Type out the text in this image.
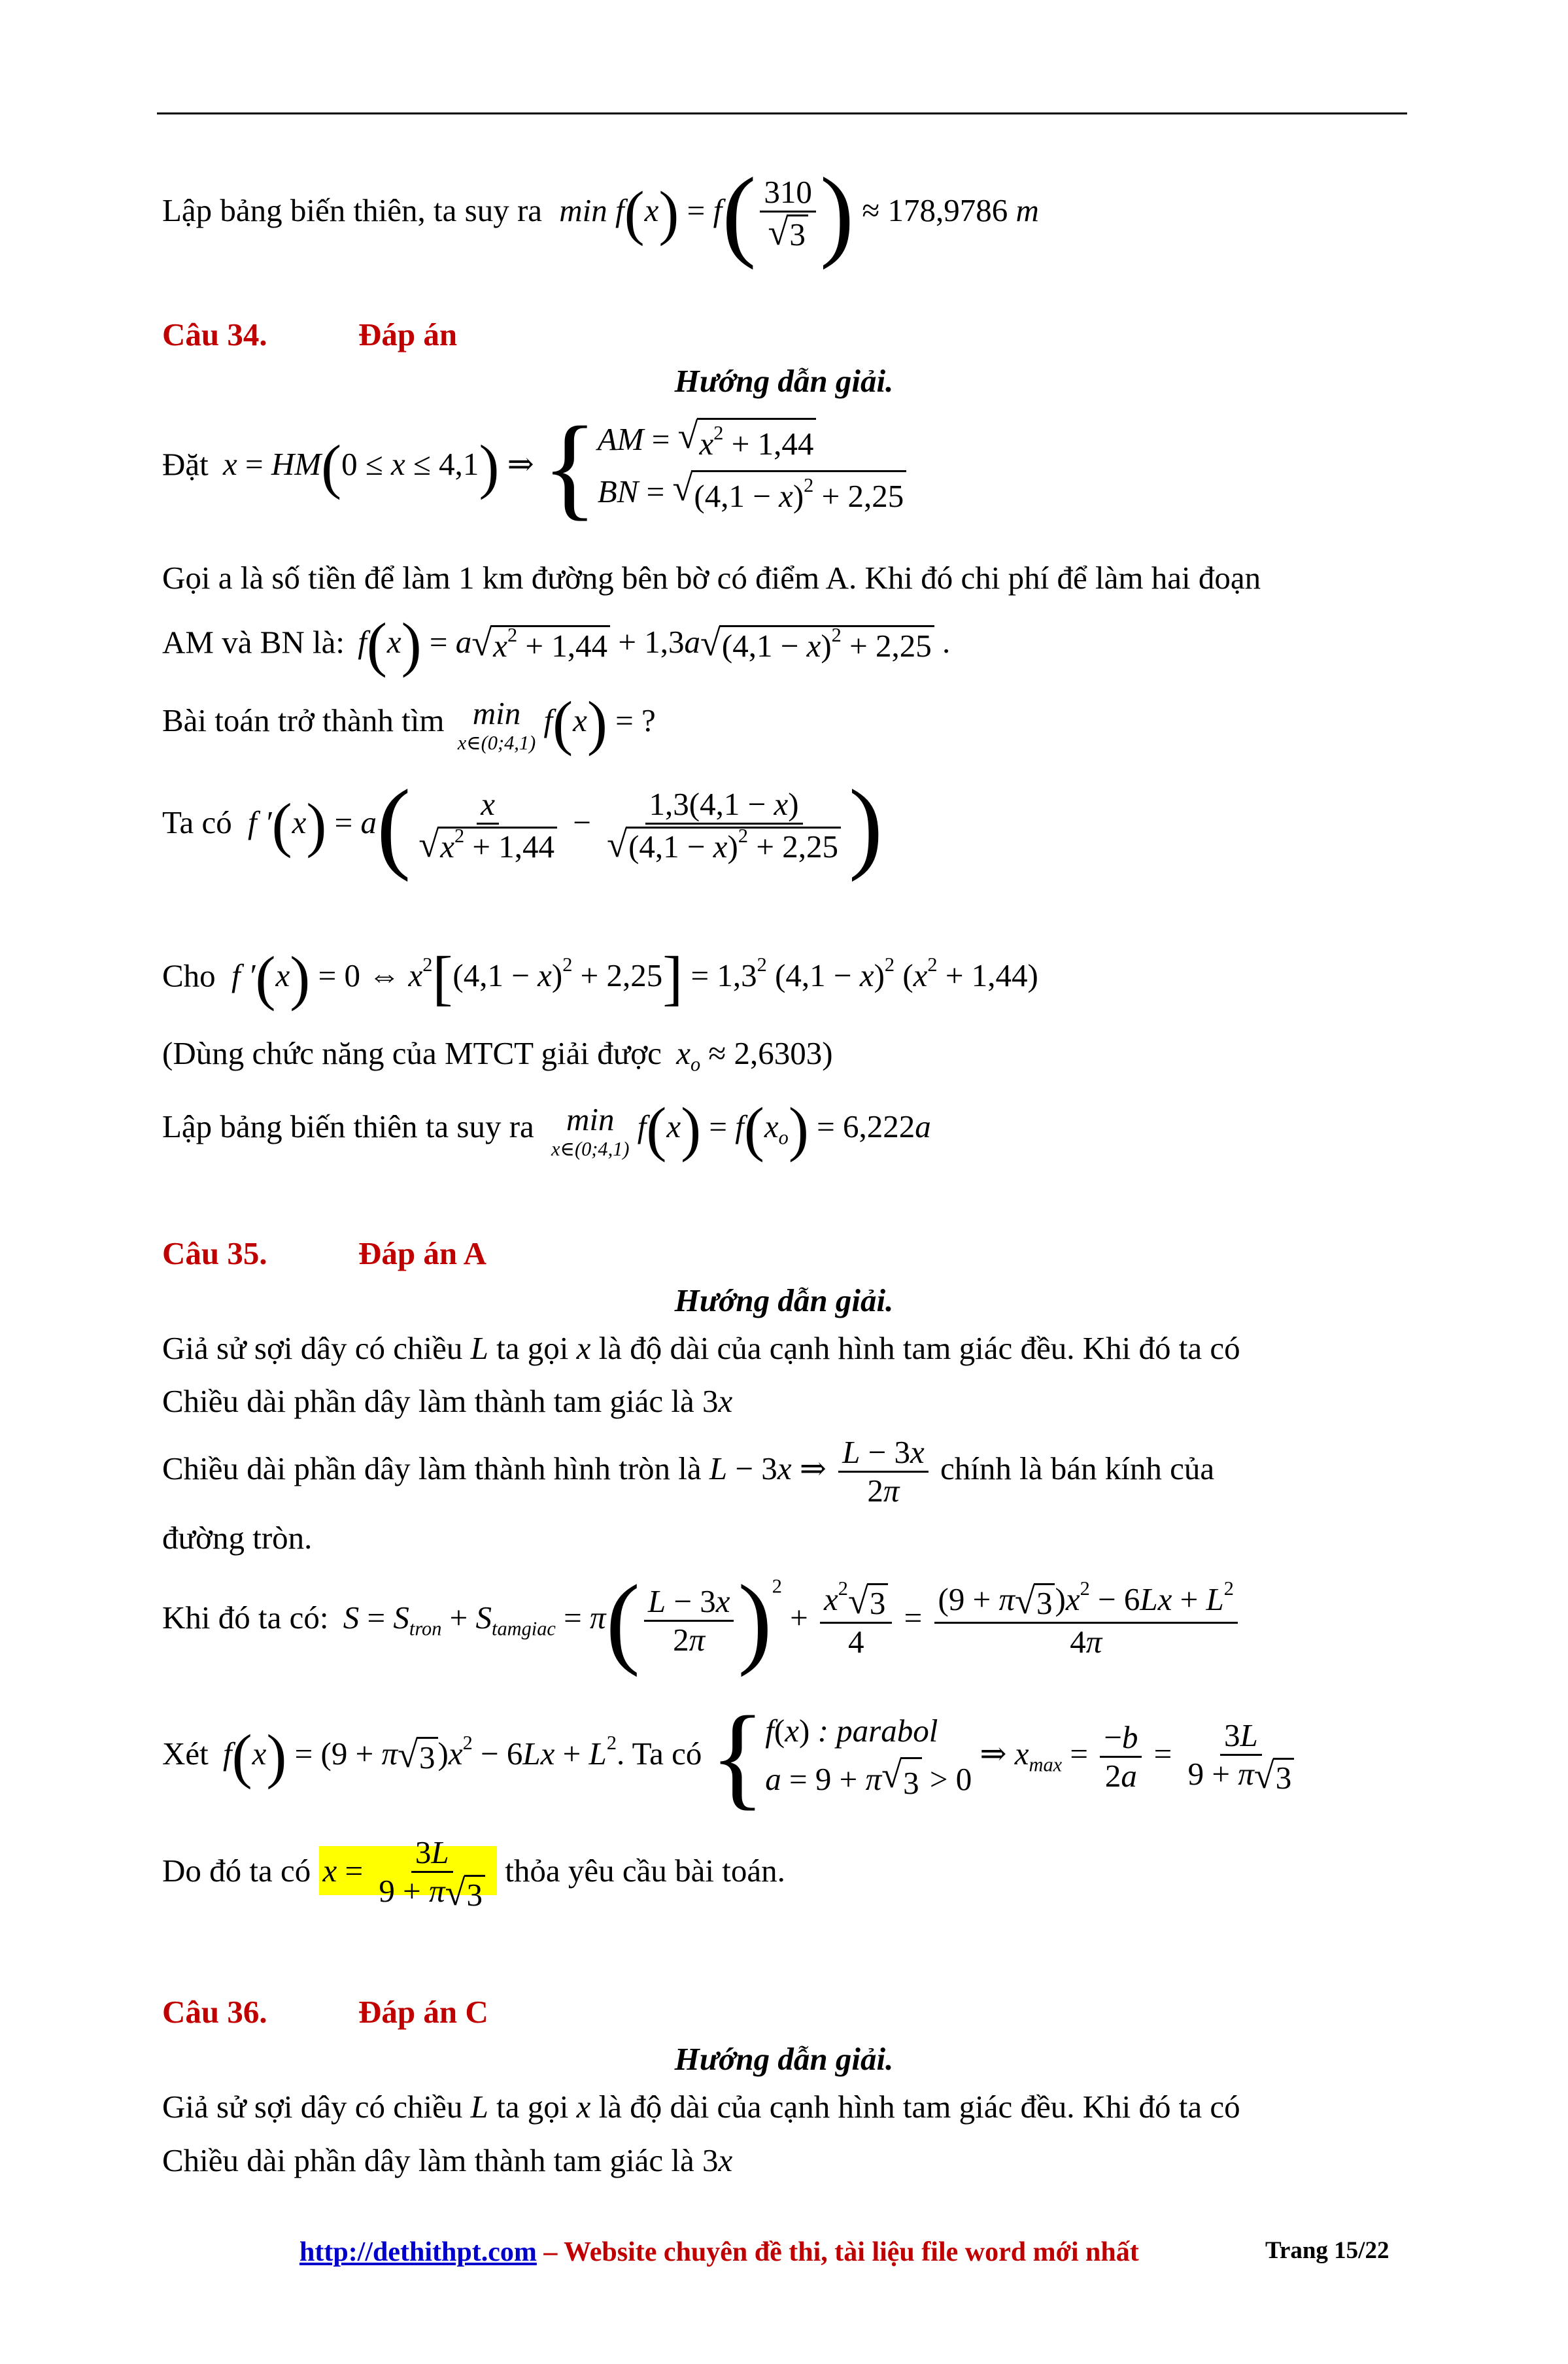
Lập bảng biến thiên, ta suy ra $\min f(x) = f( \frac{310}{√ 3}$ ) ≈ 178,9786 m
Câu 34.	Đáp án
Hướng dẫn giải.
Đặt x = HM(0 ≤ x ≤ 4,1) ⇒ { AM = √ $x^2 + 1,44$
BN = √ $(4,1 - x)^2 + 2,25$
Gọi a là số tiền để làm 1 km đường bên bờ có điểm A. Khi đó chi phí để làm hai đoạn
AM và BN là: f(x) = a √ $x^2 + 1,44 + 1,3a$ √ $(4,1 - x)^2 + 2,25$ .
Bài toán trở thành tìm min
x∈(0;4,1)
f(x) = ?
Ta có f $'(x) = a( \frac{x}{√ x^2 + 1,44} - \frac{1,3(4,1 - x)}{√ (4,1 - x)^2 + 2,25}$ )
Cho f ′(x) = 0 ⇔ $x^2[(4,1 - x)^2 + 2,25] = 1,3^2$ $(4,1 - x)^2$ $(x^2 + 1,44)$
(Dùng chức năng của MTCT giải được $x_o \approx 2,6303$)
Lập bảng biến thiên ta suy ra min
x∈(0;4,1)
$f(x) = f(x_o) = 6,222a$
Câu 35.	Đáp án A
Hướng dẫn giải.
Giả sử sợi dây có chiều L ta gọi x là độ dài của cạnh hình tam giác đều. Khi đó ta có
Chiều dài phần dây làm thành tam giác là 3x
Chiều dài phần dây làm thành hình tròn là L − 3x ⇒ $\frac{L - 3x}{2\pi}$ chính là bán kính của
đường tròn.
Khi đó ta có: $S = S_{tron} + S_{tamgiac} = \pi( \frac{L - 3x}{2\pi} )^2 + \frac{x^2 √ 3}{4} = \frac{(9 + \pi √ 3 )x^2 - 6Lx + L^2}{4\pi}$
Xét f(x) = (9 + π √ 3 )$x^2 - 6Lx + L^2$. Ta có { f(x) : parabol
a = 9 + π √ 3 > 0
⇒ $x_{max} = \frac{-b}{2a} = \frac{3L}{9 + \pi √ 3}$
Do đó ta có $x = \frac{3L}{9 + \pi √ 3}$ thỏa yêu cầu bài toán.
Câu 36.	Đáp án C
Hướng dẫn giải.
Giả sử sợi dây có chiều L ta gọi x là độ dài của cạnh hình tam giác đều. Khi đó ta có
Chiều dài phần dây làm thành tam giác là 3x
http://dethithpt.com – Website chuyên đề thi, tài liệu file word mới nhất	Trang 15/22
